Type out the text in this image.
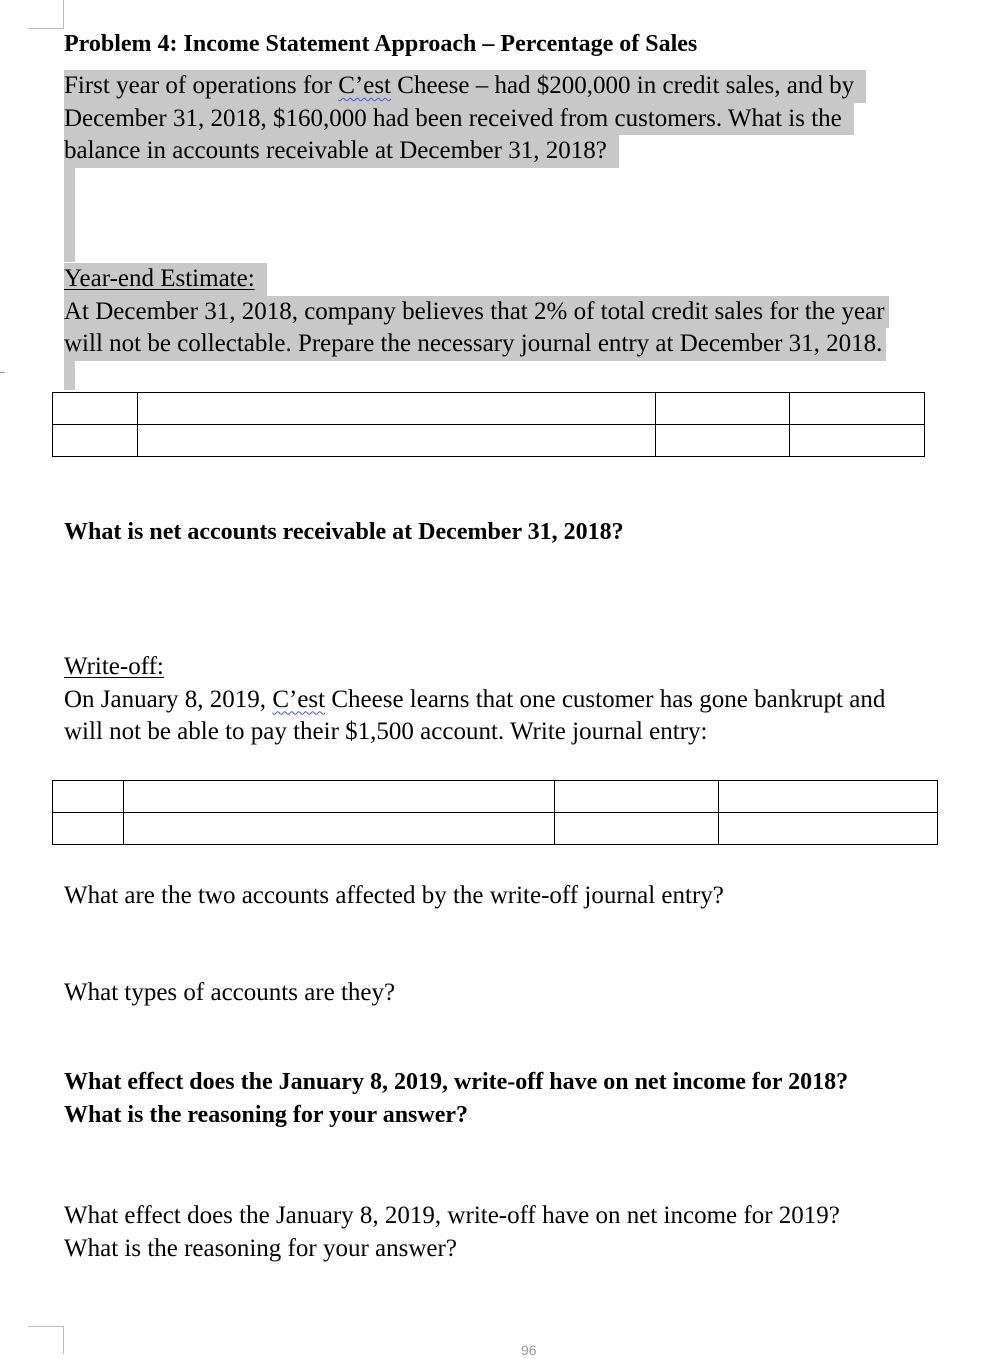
Problem 4: Income Statement Approach – Percentage of Sales
First year of operations for C’est Cheese – had $200,000 in credit sales, and by
December 31, 2018, $160,000 had been received from customers. What is the
balance in accounts receivable at December 31, 2018?
Year-end Estimate:
At December 31, 2018, company believes that 2% of total credit sales for the year
will not be collectable. Prepare the necessary journal entry at December 31, 2018.

What is net accounts receivable at December 31, 2018?
Write-off:
On January 8, 2019, C’est Cheese learns that one customer has gone bankrupt and
will not be able to pay their $1,500 account. Write journal entry:

What are the two accounts affected by the write-off journal entry?
What types of accounts are they?
What effect does the January 8, 2019, write-off have on net income for 2018?
What is the reasoning for your answer?
What effect does the January 8, 2019, write-off have on net income for 2019?
What is the reasoning for your answer?
96
